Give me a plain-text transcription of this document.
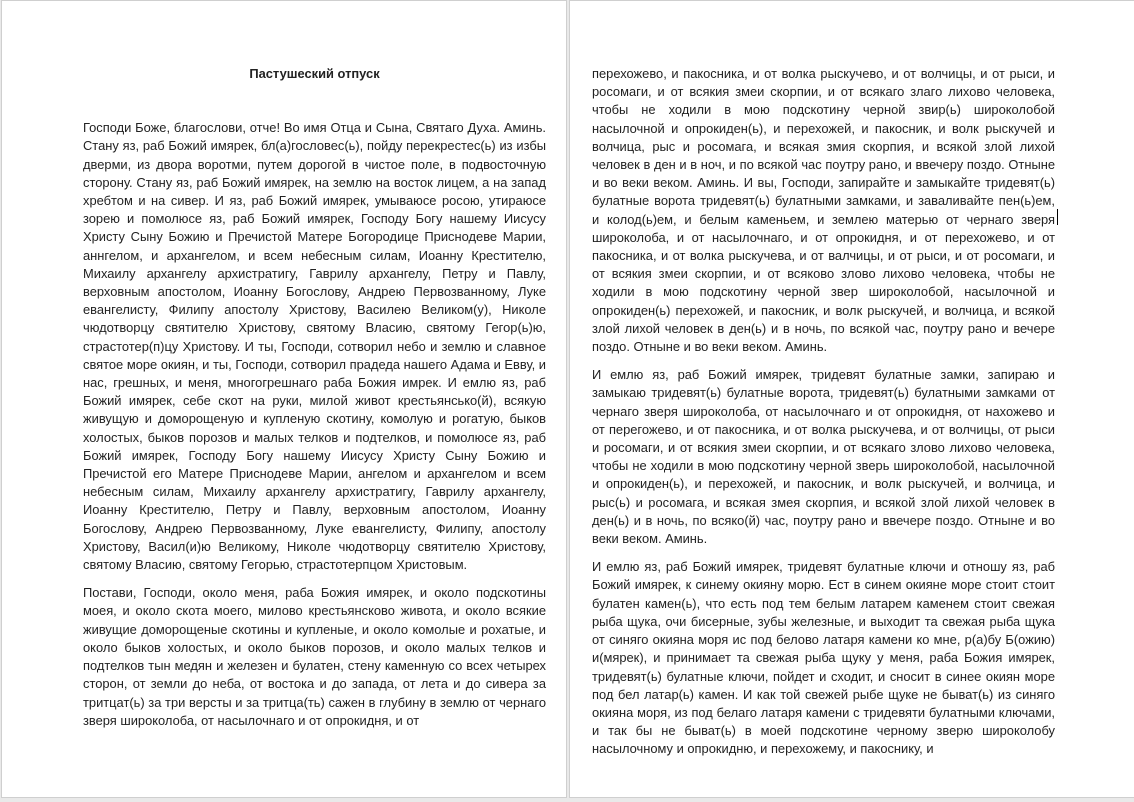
Пастушеский отпуск

Господи Боже, благослови, отче! Во имя Отца и Сына, Святаго Духа. Аминь. Стану яз, раб Божий имярек, бл(а)гословес(ь), пойду перекрестес(ь) из избы дверми, из двора воротми, путем дорогой в чистое поле, в подвосточную сторону. Стану яз, раб Божий имярек, на землю на восток лицем, а на запад хребтом и на сивер. И яз, раб Божий имярек, умываюсе росою, утираюсе зорею и помолюсе яз, раб Божий имярек, Господу Богу нашему Иисусу Христу Сыну Божию и Пречистой Матере Богородице Приснодеве Марии, аннгелом, и архангелом, и всем небесным силам, Иоанну Крестителю, Михаилу архангелу архистратигу, Гаврилу архангелу, Петру и Павлу, верховным апостолом, Иоанну Богослову, Андрею Первозванному, Луке евангелисту, Филипу апостолу Христову, Василею Великом(у), Николе чюдотворцу святителю Христову, святому Власию, святому Гегор(ь)ю, страстотер(п)цу Христову. И ты, Господи, сотворил небо и землю и славное святое море окиян, и ты, Господи, сотворил прадеда нашего Адама и Евву, и нас, грешных, и меня, многогрешнаго раба Божия имрек. И емлю яз, раб Божий имярек, себе скот на руки, милой живот крестьянсько(й), всякую живущую и доморощеную и купленую скотину, комолую и рогатую, быков холостых, быков порозов и малых телков и подтелков, и помолюсе яз, раб Божий имярек, Господу Богу нашему Иисусу Христу Сыну Божию и Пречистой его Матере Приснодеве Марии, ангелом и архангелом и всем небесным силам, Михаилу архангелу архистратигу, Гаврилу архангелу, Иоанну Крестителю, Петру и Павлу, верховным апостолом, Иоанну Богослову, Андрею Первозванному, Луке евангелисту, Филипу, апостолу Христову, Васил(и)ю Великому, Николе чюдотворцу святителю Христову, святому Власию, святому Гегорью, страстотерпцом Христовым.

Постави, Господи, около меня, раба Божия имярек, и около подскотины моея, и около скота моего, милово крестьянсково живота, и около всякие живущие доморощеные скотины и купленые, и около комолые и рохатые, и около быков холостых, и около быков порозов, и около малых телков и подтелков тын медян и железен и булатен, стену каменную со всех четырех сторон, от земли до неба, от востока и до запада, от лета и до сивера за тритцат(ь) за три версты и за тритца(ть) сажен в глубину в землю от чернаго зверя широколоба, от насылочнаго и от опрокидня, и от

перехожево, и пакосника, и от волка рыскучево, и от волчицы, и от рыси, и росомаги, и от всякия змеи скорпии, и от всякаго злаго лихово человека, чтобы не ходили в мою подскотину черной звир(ь) широколобой насылочной и опрокиден(ь), и перехожей, и пакосник, и волк рыскучей и волчица, рыс и росомага, и всякая змия скорпия, и всякой злой лихой человек в ден и в ноч, и по всякой час поутру рано, и ввечеру поздо. Отныне и во веки веком. Аминь. И вы, Господи, запирайте и замыкайте тридевят(ь) булатные ворота тридевят(ь) булатными замками, и заваливайте пен(ь)ем, и колод(ь)ем, и белым каменьем, и землею матерью от чернаго зверя широколоба, и от насылочнаго, и от опрокидня, и от перехожево, и от пакосника, и от волка рыскучева, и от валчицы, и от рыси, и от росомаги, и от всякия змеи скорпии, и от всяково злово лихово человека, чтобы не ходили в мою подскотину черной звер широколобой, насылочной и опрокиден(ь) перехожей, и пакосник, и волк рыскучей, и волчица, и всякой злой лихой человек в ден(ь) и в ночь, по всякой час, поутру рано и вечере поздо. Отныне и во веки веком. Аминь.

И емлю яз, раб Божий имярек, тридевят булатные замки, запираю и замыкаю тридевят(ь) булатные ворота, тридевят(ь) булатными замками от чернаго зверя широколоба, от насылочнаго и от опрокидня, от нахожево и от перегожево, и от пакосника, и от волка рыскучева, и от волчицы, от рыси и росомаги, и от всякия змеи скорпии, и от всякаго злово лихово человека, чтобы не ходили в мою подскотину черной зверь широколобой, насылочной и опрокиден(ь), и перехожей, и пакосник, и волк рыскучей, и волчица, и рыс(ь) и росомага, и всякая змея скорпия, и всякой злой лихой человек в ден(ь) и в ночь, по всяко(й) час, поутру рано и ввечере поздо. Отныне и во веки веком. Аминь.

И емлю яз, раб Божий имярек, тридевят булатные ключи и отношу яз, раб Божий имярек, к синему окияну морю. Ест в синем окияне море стоит стоит булатен камен(ь), что есть под тем белым латарем каменем стоит свежая рыба щука, очи бисерные, зубы железные, и выходит та свежая рыба щука от синяго окияна моря ис под белово латаря камени ко мне, р(а)бу Б(ожию) и(мярек), и принимает та свежая рыба щуку у меня, раба Божия имярек, тридевят(ь) булатные ключи, пойдет и сходит, и сносит в синее окиян море под бел латар(ь) камен. И как той свежей рыбе щуке не быват(ь) из синяго окияна моря, из под белаго латаря камени с тридевяти булатными ключами, и так бы не быват(ь) в моей подскотине черному зверю широколобу насылочному и опрокидню, и перехожему, и пакоснику, и
